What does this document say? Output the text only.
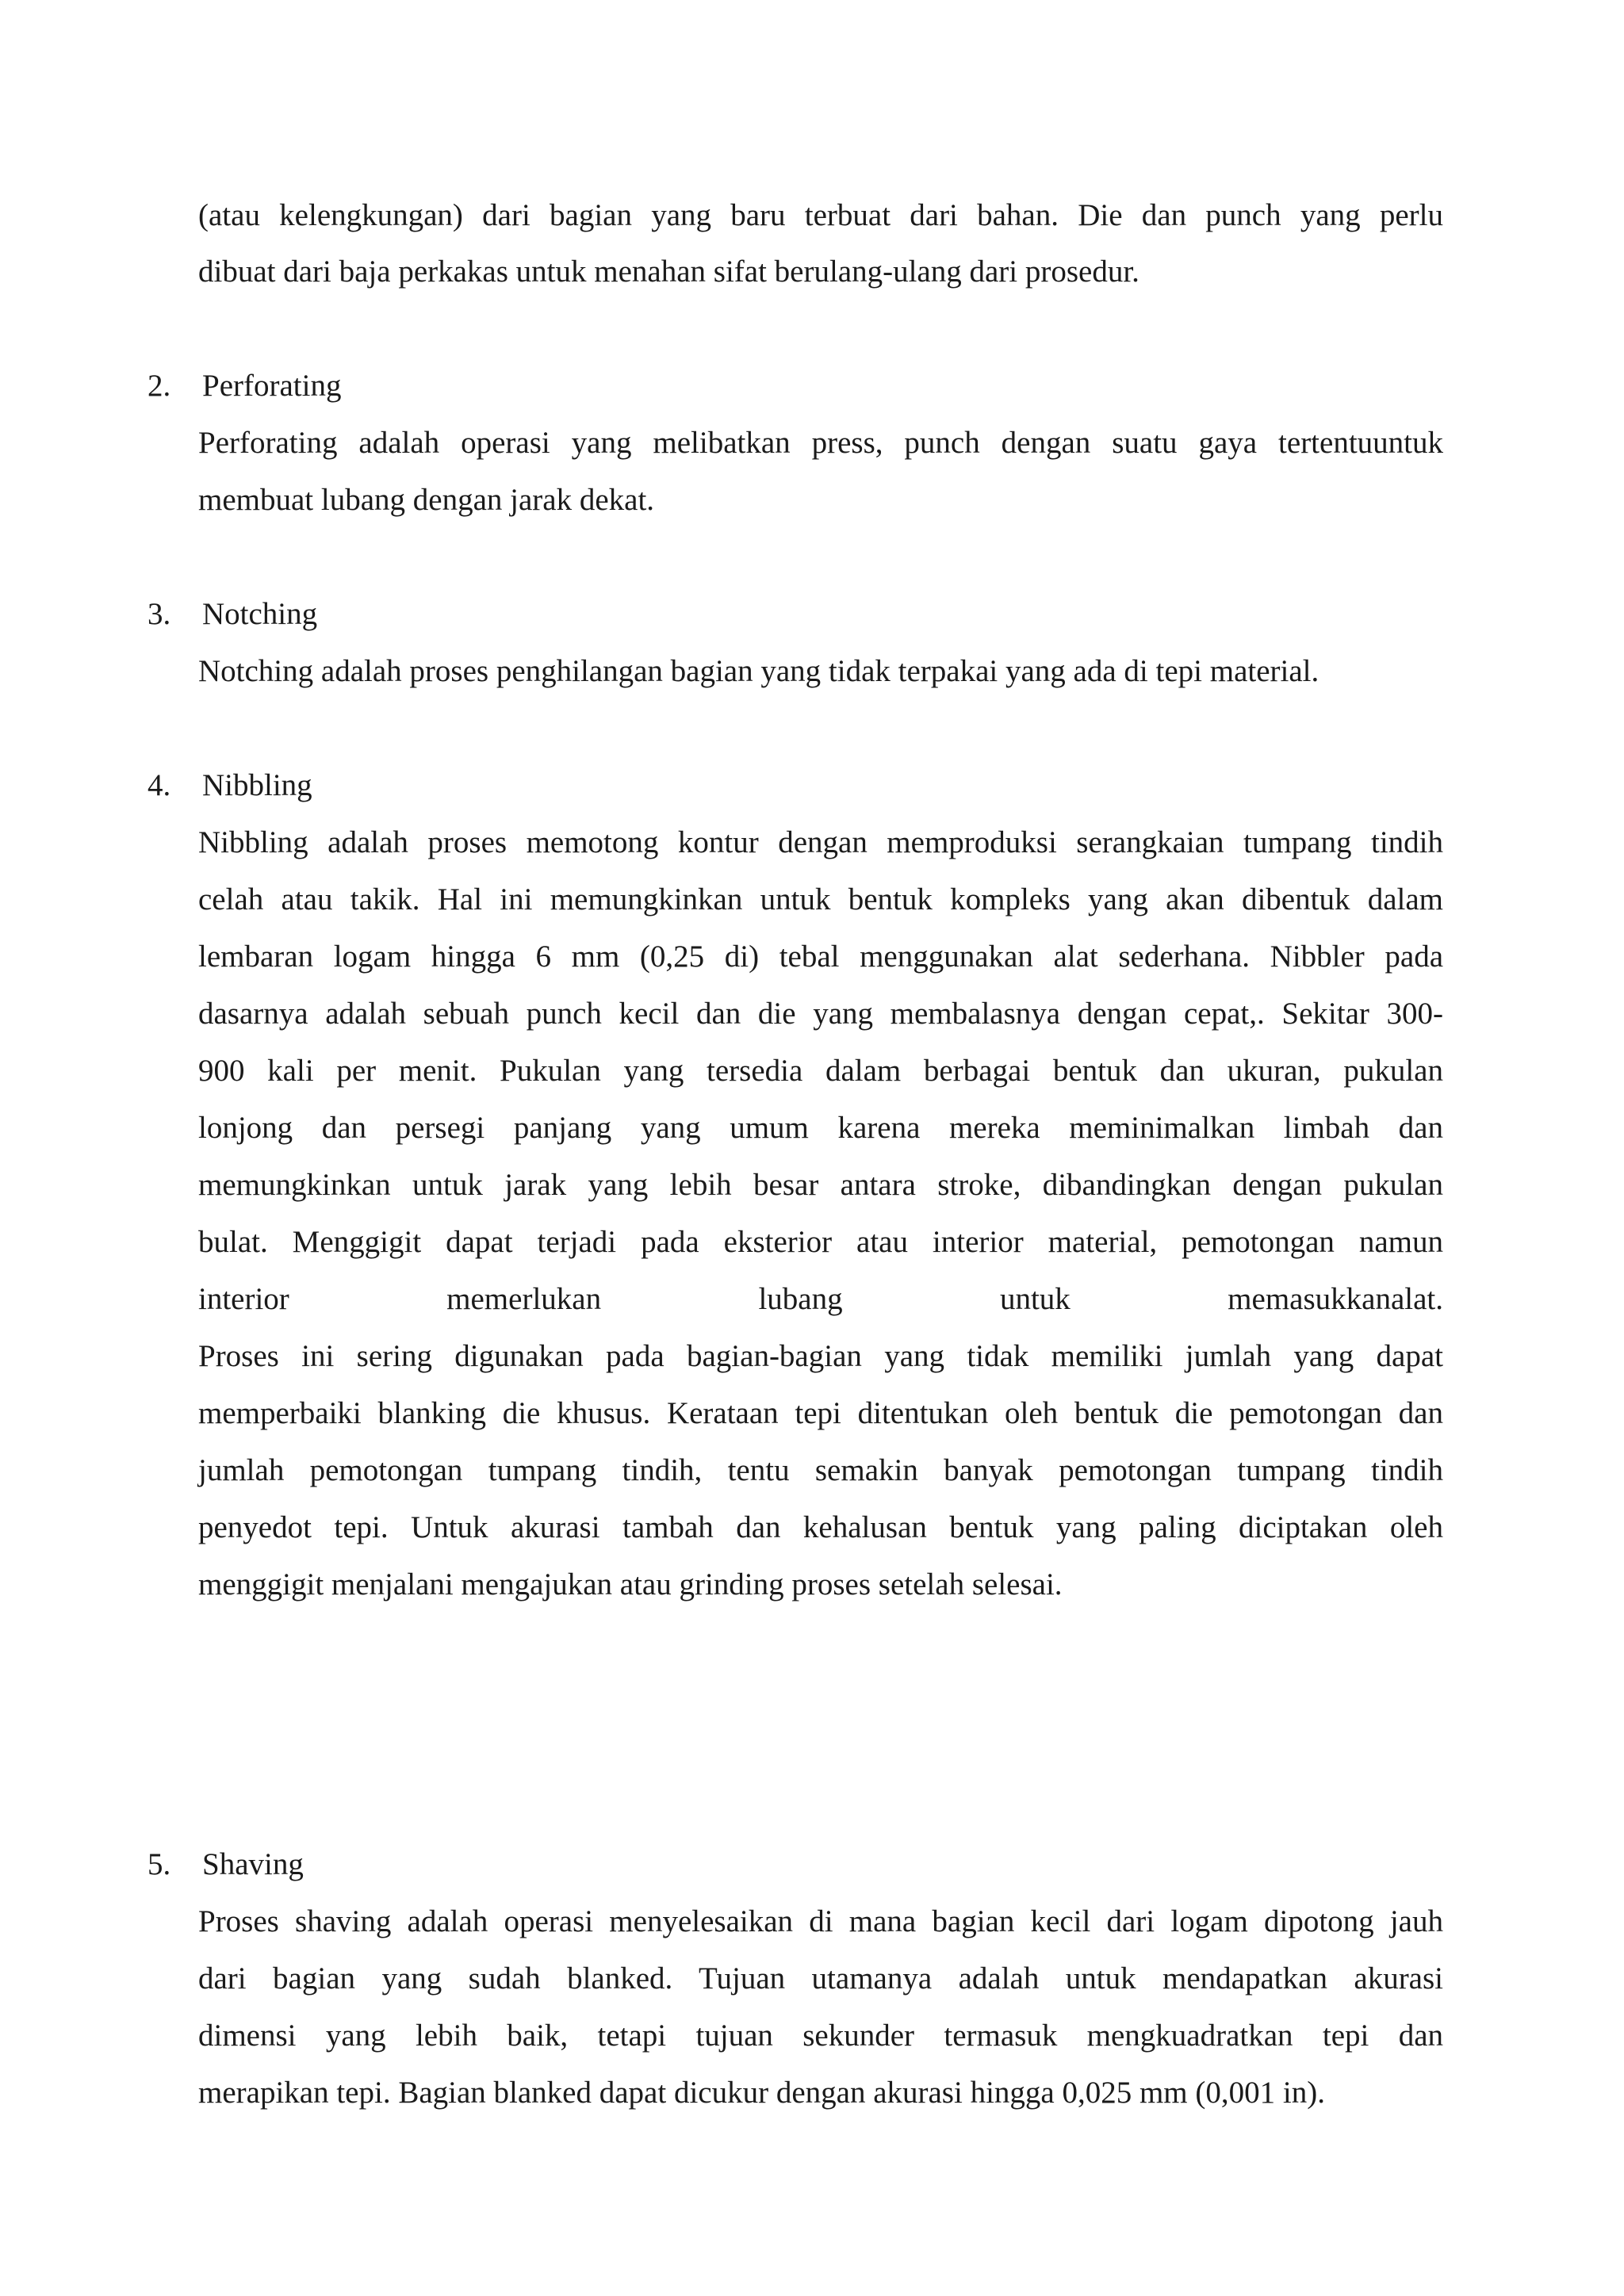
(atau kelengkungan) dari bagian yang baru terbuat dari bahan. Die dan punch yang perlu
dibuat dari baja perkakas untuk menahan sifat berulang-ulang dari prosedur.
2. Perforating
Perforating adalah operasi yang melibatkan press, punch dengan suatu gaya tertentuuntuk
membuat lubang dengan jarak dekat.
3. Notching
Notching adalah proses penghilangan bagian yang tidak terpakai yang ada di tepi material.
4. Nibbling
Nibbling adalah proses memotong kontur dengan memproduksi serangkaian tumpang tindih
celah atau takik. Hal ini memungkinkan untuk bentuk kompleks yang akan dibentuk dalam
lembaran logam hingga 6 mm (0,25 di) tebal menggunakan alat sederhana. Nibbler pada
dasarnya adalah sebuah punch kecil dan die yang membalasnya dengan cepat,. Sekitar 300-
900 kali per menit. Pukulan yang tersedia dalam berbagai bentuk dan ukuran, pukulan
lonjong dan persegi panjang yang umum karena mereka meminimalkan limbah dan
memungkinkan untuk jarak yang lebih besar antara stroke, dibandingkan dengan pukulan
bulat. Menggigit dapat terjadi pada eksterior atau interior material, pemotongan namun
interior memerlukan lubang untuk memasukkanalat.
Proses ini sering digunakan pada bagian-bagian yang tidak memiliki jumlah yang dapat
memperbaiki blanking die khusus. Kerataan tepi ditentukan oleh bentuk die pemotongan dan
jumlah pemotongan tumpang tindih, tentu semakin banyak pemotongan tumpang tindih
penyedot tepi. Untuk akurasi tambah dan kehalusan bentuk yang paling diciptakan oleh
menggigit menjalani mengajukan atau grinding proses setelah selesai.
5. Shaving
Proses shaving adalah operasi menyelesaikan di mana bagian kecil dari logam dipotong jauh
dari bagian yang sudah blanked. Tujuan utamanya adalah untuk mendapatkan akurasi
dimensi yang lebih baik, tetapi tujuan sekunder termasuk mengkuadratkan tepi dan
merapikan tepi. Bagian blanked dapat dicukur dengan akurasi hingga 0,025 mm (0,001 in).
